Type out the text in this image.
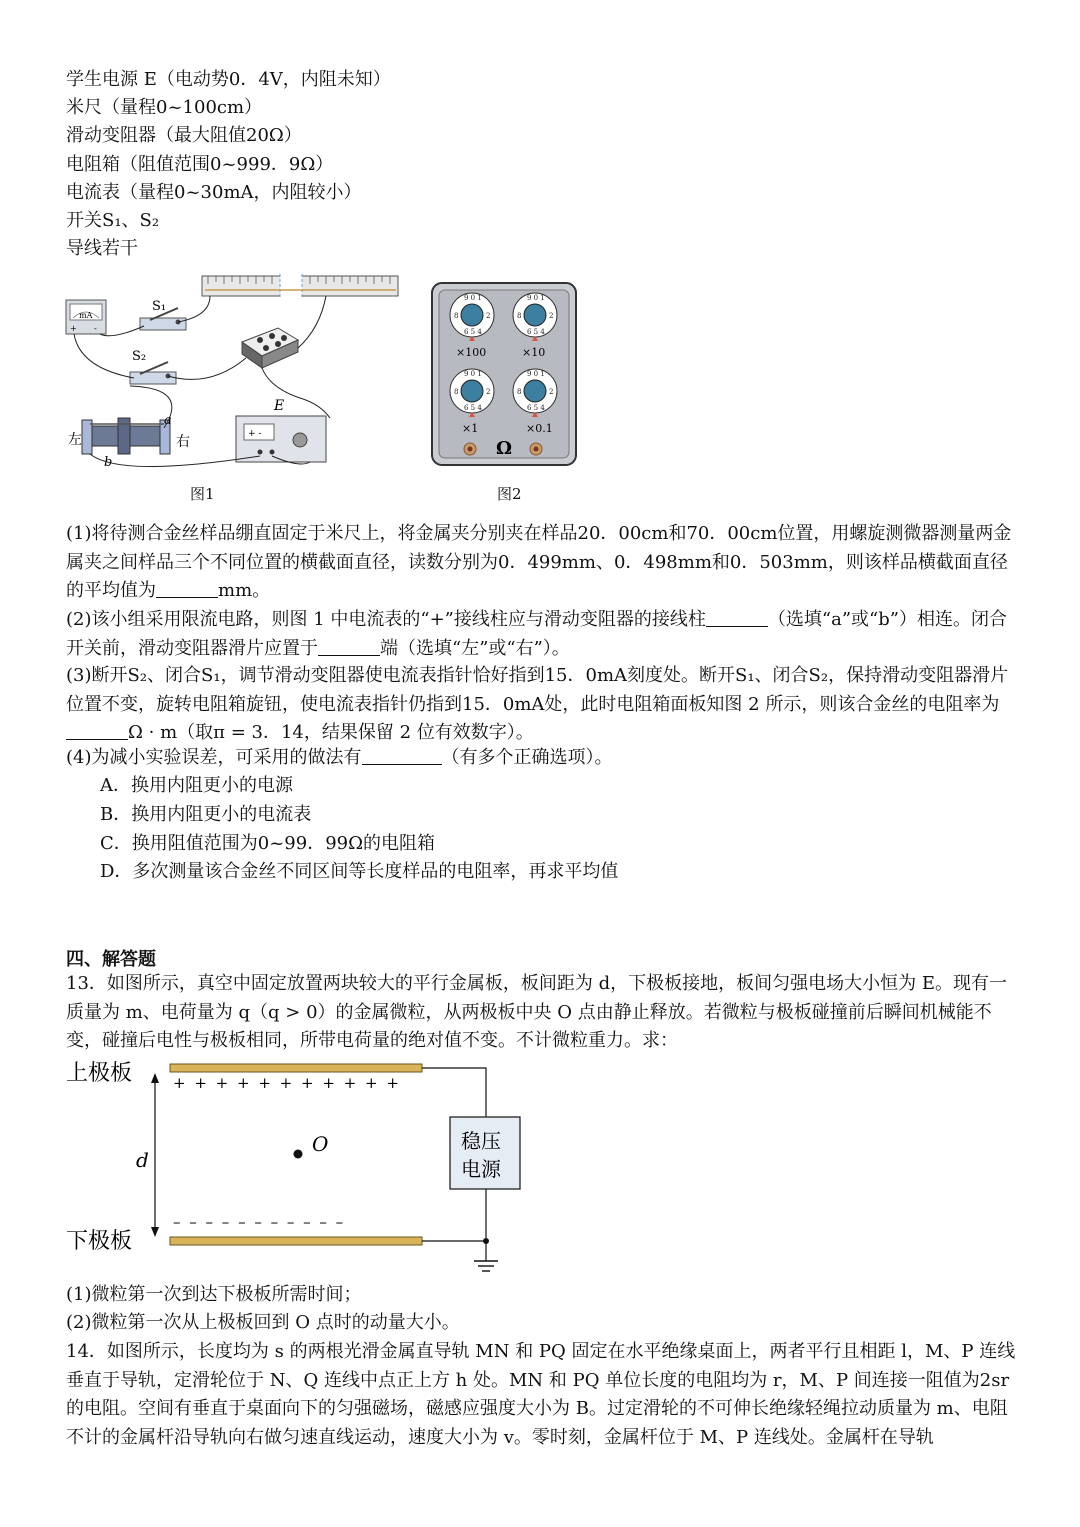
学生电源 E（电动势0．4V，内阻未知）
米尺（量程0~100cm）
滑动变阻器（最大阻值20Ω）
电阻箱（阻值范围0~999．9Ω）
电流表（量程0~30mA，内阻较小）
开关S₁、S₂
导线若干
mA
+ -
S₁
S₂
左	右
a
b
+ -
E
图1
9 0 1
8	2
6 5 4
9 0 1
8	2
6 5 4
9 0 1
8	2
6 5 4
9 0 1
8	2
6 5 4
×100	×10
×1	×0.1
Ω
图2
(1)将待测合金丝样品绷直固定于米尺上，将金属夹分别夹在样品20．00cm和70．00cm位置，用螺旋测微器测量两金属夹之间样品三个不同位置的横截面直径，读数分别为0．499mm、0．498mm和0．503mm，则该样品横截面直径的平均值为	mm。
(2)该小组采用限流电路，则图 1 中电流表的“+”接线柱应与滑动变阻器的接线柱	（选填“a”或“b”）相连。闭合开关前，滑动变阻器滑片应置于	端（选填“左”或“右”）。
(3)断开S₂、闭合S₁，调节滑动变阻器使电流表指针恰好指到15．0mA刻度处。断开S₁、闭合S₂，保持滑动变阻器滑片位置不变，旋转电阻箱旋钮，使电流表指针仍指到15．0mA处，此时电阻箱面板知图 2 所示，则该合金丝的电阻率为Ω · m（取π = 3．14，结果保留 2 位有效数字）。
(4)为减小实验误差，可采用的做法有	（有多个正确选项）。
A．换用内阻更小的电源
B．换用内阻更小的电流表
C．换用阻值范围为0~99．99Ω的电阻箱
D．多次测量该合金丝不同区间等长度样品的电阻率，再求平均值
四、解答题
13．如图所示，真空中固定放置两块较大的平行金属板，板间距为 d，下极板接地，板间匀强电场大小恒为 E。现有一质量为 m、电荷量为 q（q > 0）的金属微粒，从两极板中央 O 点由静止释放。若微粒与极板碰撞前后瞬间机械能不变，碰撞后电性与极板相同，所带电荷量的绝对值不变。不计微粒重力。求：
上极板
下极板
+ + + + + + + + + + +
– – – – – – – – – – –
d
O	稳压
电源
(1)微粒第一次到达下极板所需时间；
(2)微粒第一次从上极板回到 O 点时的动量大小。
14．如图所示，长度均为 s 的两根光滑金属直导轨 MN 和 PQ 固定在水平绝缘桌面上，两者平行且相距 l，M、P 连线垂直于导轨，定滑轮位于 N、Q 连线中点正上方 h 处。MN 和 PQ 单位长度的电阻均为 r，M、P 间连接一阻值为2sr 的电阻。空间有垂直于桌面向下的匀强磁场，磁感应强度大小为 B。过定滑轮的不可伸长绝缘轻绳拉动质量为 m、电阻不计的金属杆沿导轨向右做匀速直线运动，速度大小为 v。零时刻，金属杆位于 M、P 连线处。金属杆在导轨
